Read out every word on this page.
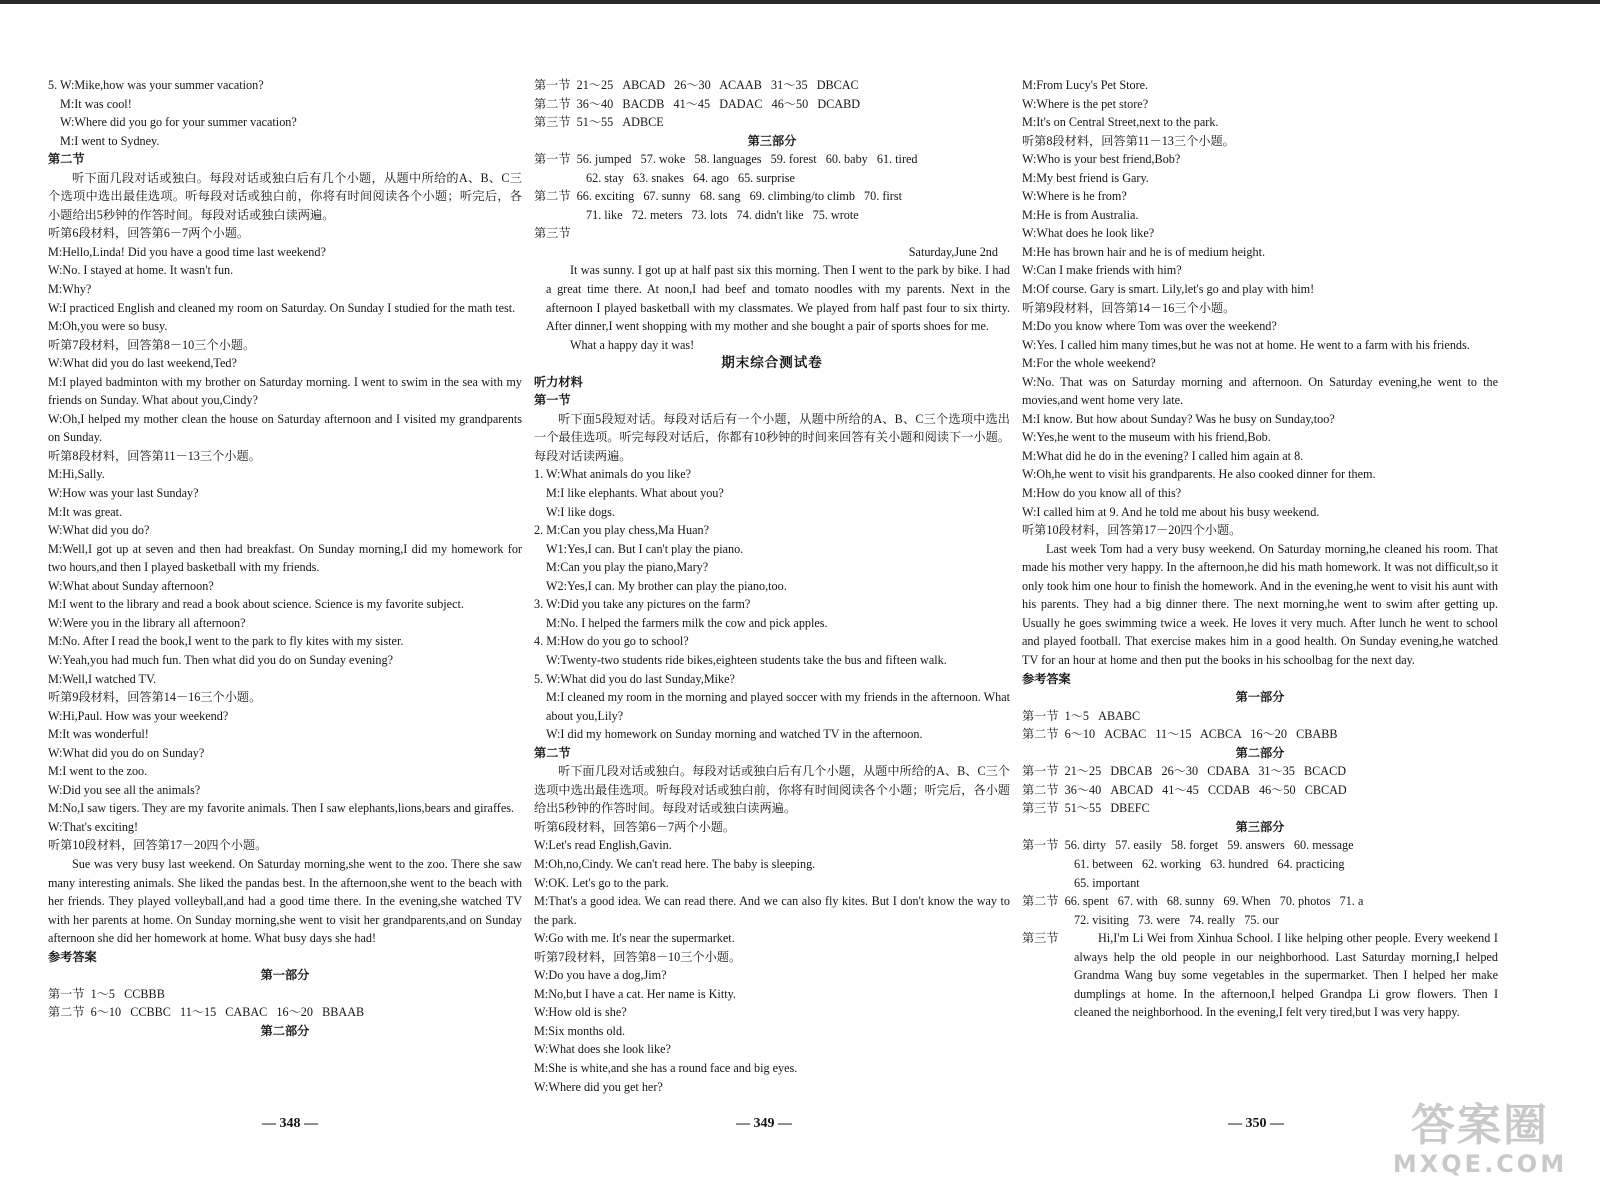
5. W:Mike,how was your summer vacation?
M:It was cool!
W:Where did you go for your summer vacation?
M:I went to Sydney.
第二节
听下面几段对话或独白。每段对话或独白后有几个小题，从题中所给的A、B、C三个选项中选出最佳选项。听每段对话或独白前，你将有时间阅读各个小题；听完后，各小题给出5秒钟的作答时间。每段对话或独白读两遍。
听第6段材料，回答第6－7两个小题。
M:Hello,Linda! Did you have a good time last weekend?
W:No. I stayed at home. It wasn't fun.
M:Why?
W:I practiced English and cleaned my room on Saturday. On Sunday I studied for the math test.
M:Oh,you were so busy.
听第7段材料，回答第8－10三个小题。
W:What did you do last weekend,Ted?
M:I played badminton with my brother on Saturday morning. I went to swim in the sea with my friends on Sunday. What about you,Cindy?
W:Oh,I helped my mother clean the house on Saturday afternoon and I visited my grandparents on Sunday.
听第8段材料，回答第11－13三个小题。
M:Hi,Sally.
W:How was your last Sunday?
M:It was great.
W:What did you do?
M:Well,I got up at seven and then had breakfast. On Sunday morning,I did my homework for two hours,and then I played basketball with my friends.
W:What about Sunday afternoon?
M:I went to the library and read a book about science. Science is my favorite subject.
W:Were you in the library all afternoon?
M:No. After I read the book,I went to the park to fly kites with my sister.
W:Yeah,you had much fun. Then what did you do on Sunday evening?
M:Well,I watched TV.
听第9段材料，回答第14－16三个小题。
W:Hi,Paul. How was your weekend?
M:It was wonderful!
W:What did you do on Sunday?
M:I went to the zoo.
W:Did you see all the animals?
M:No,I saw tigers. They are my favorite animals. Then I saw elephants,lions,bears and giraffes.
W:That's exciting!
听第10段材料，回答第17－20四个小题。
Sue was very busy last weekend. On Saturday morning,she went to the zoo. There she saw many interesting animals. She liked the pandas best. In the afternoon,she went to the beach with her friends. They played volleyball,and had a good time there. In the evening,she watched TV with her parents at home. On Sunday morning,she went to visit her grandparents,and on Sunday afternoon she did her homework at home. What busy days she had!
参考答案
第一部分
第一节  1～5   CCBBB
第二节  6～10   CCBBC   11～15   CABAC   16～20   BBAAB
第二部分
第一节  21～25   ABCAD   26～30   ACAAB   31～35   DBCAC
第二节  36～40   BACDB   41～45   DADAC   46～50   DCABD
第三节  51～55   ADBCE
第三部分
第一节  56. jumped   57. woke   58. languages   59. forest   60. baby   61. tired
62. stay   63. snakes   64. ago   65. surprise
第二节  66. exciting   67. sunny   68. sang   69. climbing/to climb   70. first
71. like   72. meters   73. lots   74. didn't like   75. wrote
第三节
Saturday,June 2nd
It was sunny. I got up at half past six this morning. Then I went to the park by bike. I had a great time there. At noon,I had beef and tomato noodles with my parents. Next in the afternoon I played basketball with my classmates. We played from half past four to six thirty. After dinner,I went shopping with my mother and she bought a pair of sports shoes for me.
What a happy day it was!
期末综合测试卷
听力材料
第一节
听下面5段短对话。每段对话后有一个小题，从题中所给的A、B、C三个选项中选出一个最佳选项。听完每段对话后，你都有10秒钟的时间来回答有关小题和阅读下一小题。每段对话读两遍。
1. W:What animals do you like?
M:I like elephants. What about you?
W:I like dogs.
2. M:Can you play chess,Ma Huan?
W1:Yes,I can. But I can't play the piano.
M:Can you play the piano,Mary?
W2:Yes,I can. My brother can play the piano,too.
3. W:Did you take any pictures on the farm?
M:No. I helped the farmers milk the cow and pick apples.
4. M:How do you go to school?
W:Twenty-two students ride bikes,eighteen students take the bus and fifteen walk.
5. W:What did you do last Sunday,Mike?
M:I cleaned my room in the morning and played soccer with my friends in the afternoon. What about you,Lily?
W:I did my homework on Sunday morning and watched TV in the afternoon.
第二节
听下面几段对话或独白。每段对话或独白后有几个小题，从题中所给的A、B、C三个选项中选出最佳选项。听每段对话或独白前，你将有时间阅读各个小题；听完后，各小题给出5秒钟的作答时间。每段对话或独白读两遍。
听第6段材料，回答第6－7两个小题。
W:Let's read English,Gavin.
M:Oh,no,Cindy. We can't read here. The baby is sleeping.
W:OK. Let's go to the park.
M:That's a good idea. We can read there. And we can also fly kites. But I don't know the way to the park.
W:Go with me. It's near the supermarket.
听第7段材料，回答第8－10三个小题。
W:Do you have a dog,Jim?
M:No,but I have a cat. Her name is Kitty.
W:How old is she?
M:Six months old.
W:What does she look like?
M:She is white,and she has a round face and big eyes.
W:Where did you get her?
M:From Lucy's Pet Store.
W:Where is the pet store?
M:It's on Central Street,next to the park.
听第8段材料，回答第11－13三个小题。
W:Who is your best friend,Bob?
M:My best friend is Gary.
W:Where is he from?
M:He is from Australia.
W:What does he look like?
M:He has brown hair and he is of medium height.
W:Can I make friends with him?
M:Of course. Gary is smart. Lily,let's go and play with him!
听第9段材料，回答第14－16三个小题。
M:Do you know where Tom was over the weekend?
W:Yes. I called him many times,but he was not at home. He went to a farm with his friends.
M:For the whole weekend?
W:No. That was on Saturday morning and afternoon. On Saturday evening,he went to the movies,and went home very late.
M:I know. But how about Sunday? Was he busy on Sunday,too?
W:Yes,he went to the museum with his friend,Bob.
M:What did he do in the evening? I called him again at 8.
W:Oh,he went to visit his grandparents. He also cooked dinner for them.
M:How do you know all of this?
W:I called him at 9. And he told me about his busy weekend.
听第10段材料，回答第17－20四个小题。
Last week Tom had a very busy weekend. On Saturday morning,he cleaned his room. That made his mother very happy. In the afternoon,he did his math homework. It was not difficult,so it only took him one hour to finish the homework. And in the evening,he went to visit his aunt with his parents. They had a big dinner there. The next morning,he went to swim after getting up. Usually he goes swimming twice a week. He loves it very much. After lunch he went to school and played football. That exercise makes him in a good health. On Sunday evening,he watched TV for an hour at home and then put the books in his schoolbag for the next day.
参考答案
第一部分
第一节  1～5   ABABC
第二节  6～10   ACBAC   11～15   ACBCA   16～20   CBABB
第二部分
第一节  21～25   DBCAB   26～30   CDABA   31～35   BCACD
第二节  36～40   ABCAD   41～45   CCDAB   46～50   CBCAD
第三节  51～55   DBEFC
第三部分
第一节  56. dirty   57. easily   58. forget   59. answers   60. message
61. between   62. working   63. hundred   64. practicing
65. important
第二节  66. spent   67. with   68. sunny   69. When   70. photos   71. a
72. visiting   73. were   74. really   75. our
第三节	Hi,I'm Li Wei from Xinhua School. I like helping other people. Every weekend I always help the old people in our neighborhood. Last Saturday morning,I helped Grandma Wang buy some vegetables in the supermarket. Then I helped her make dumplings at home. In the afternoon,I helped Grandpa Li grow flowers. Then I cleaned the neighborhood. In the evening,I felt very tired,but I was very happy.
— 348 —	— 349 —	— 350 —	答案圈
MXQE.COM
